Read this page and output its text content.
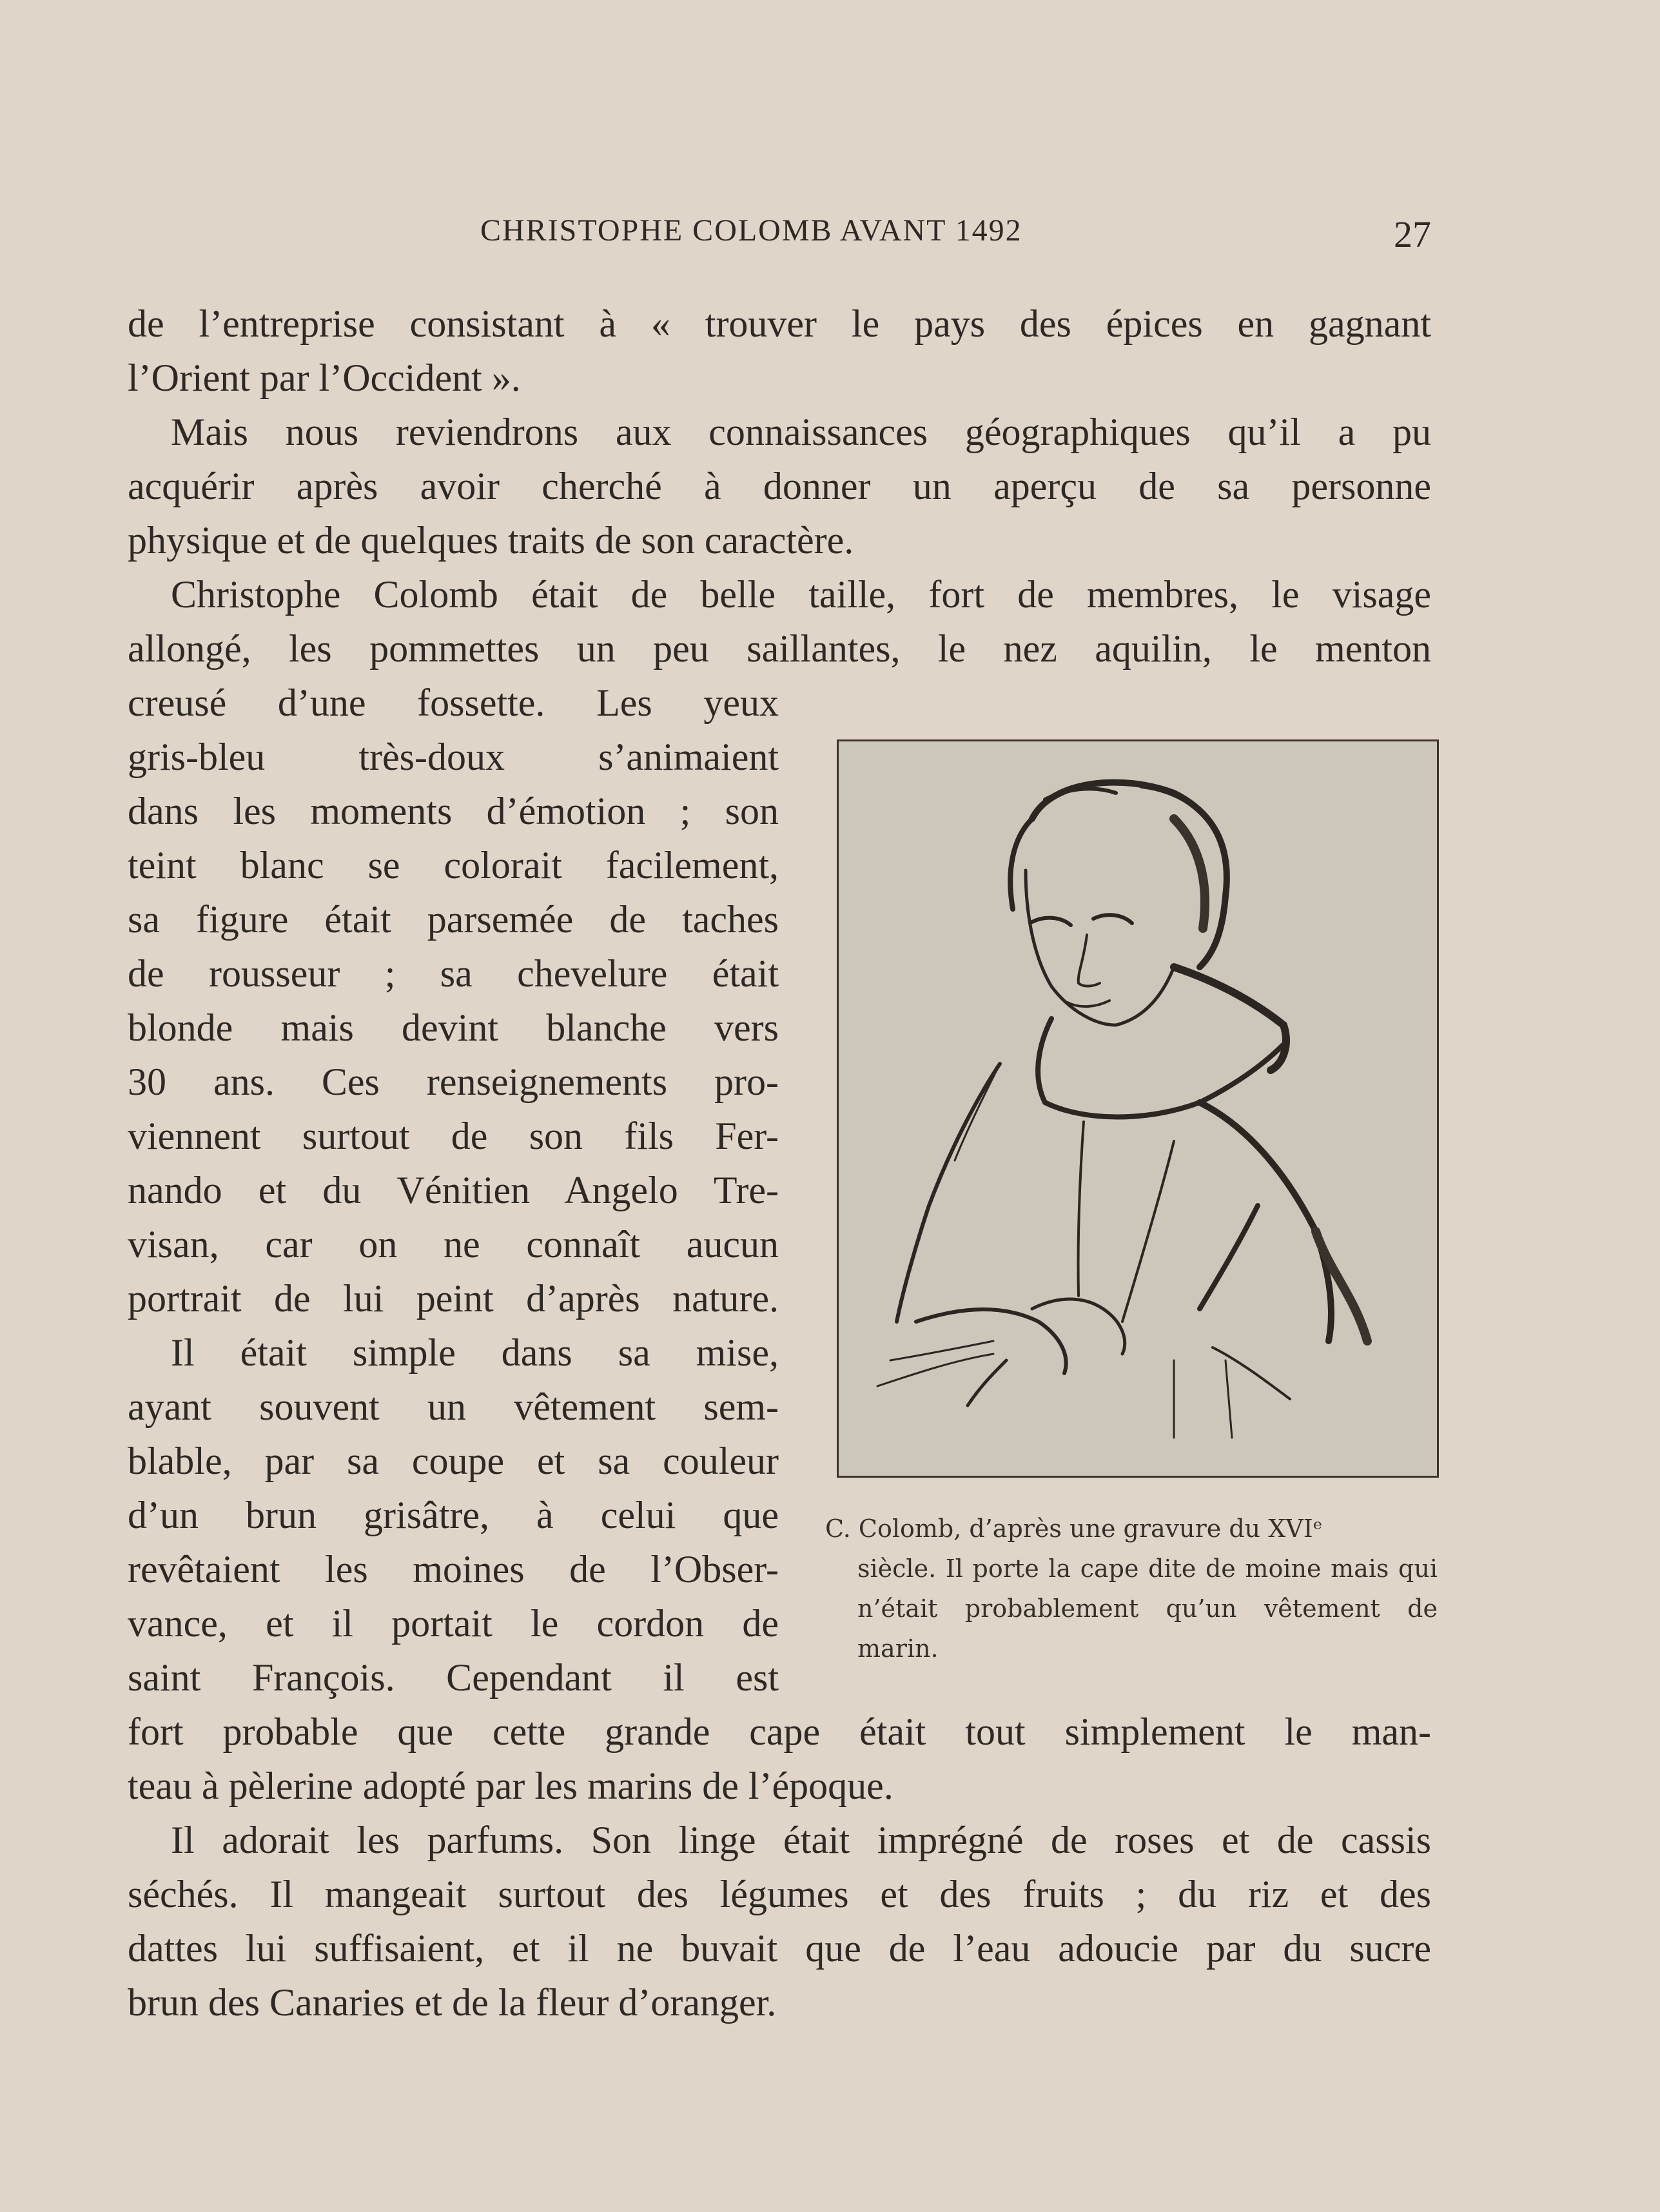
CHRISTOPHE COLOMB AVANT 1492	27
de l’entreprise consistant à « trouver le pays des épices en gagnant
l’Orient par l’Occident ».
Mais nous reviendrons aux connaissances géographiques qu’il a pu
acquérir après avoir cherché à donner un aperçu de sa personne
physique et de quelques traits de son caractère.
Christophe Colomb était de belle taille, fort de membres, le visage
allongé, les pommettes un peu saillantes, le nez aquilin, le menton
creusé d’une fossette. Les yeux
gris-bleu très-doux s’animaient
dans les moments d’émotion ; son
teint blanc se colorait facilement,
sa figure était parsemée de taches
de rousseur ; sa chevelure était
blonde mais devint blanche vers
30 ans. Ces renseignements pro-
viennent surtout de son fils Fer-
nando et du Vénitien Angelo Tre-
visan, car on ne connaît aucun
portrait de lui peint d’après nature.
Il était simple dans sa mise,
ayant souvent un vêtement sem-
blable, par sa coupe et sa couleur
d’un brun grisâtre, à celui que
revêtaient les moines de l’Obser-
vance, et il portait le cordon de
saint François. Cependant il est
fort probable que cette grande cape était tout simplement le man-
teau à pèlerine adopté par les marins de l’époque.
Il adorait les parfums. Son linge était imprégné de roses et de cassis
séchés. Il mangeait surtout des légumes et des fruits ; du riz et des
dattes lui suffisaient, et il ne buvait que de l’eau adoucie par du sucre
brun des Canaries et de la fleur d’oranger.
C. Colomb, d’après une gravure du XVIᵉ
siècle. Il porte la cape dite de moine mais qui n’était probablement qu’un vêtement de marin.
